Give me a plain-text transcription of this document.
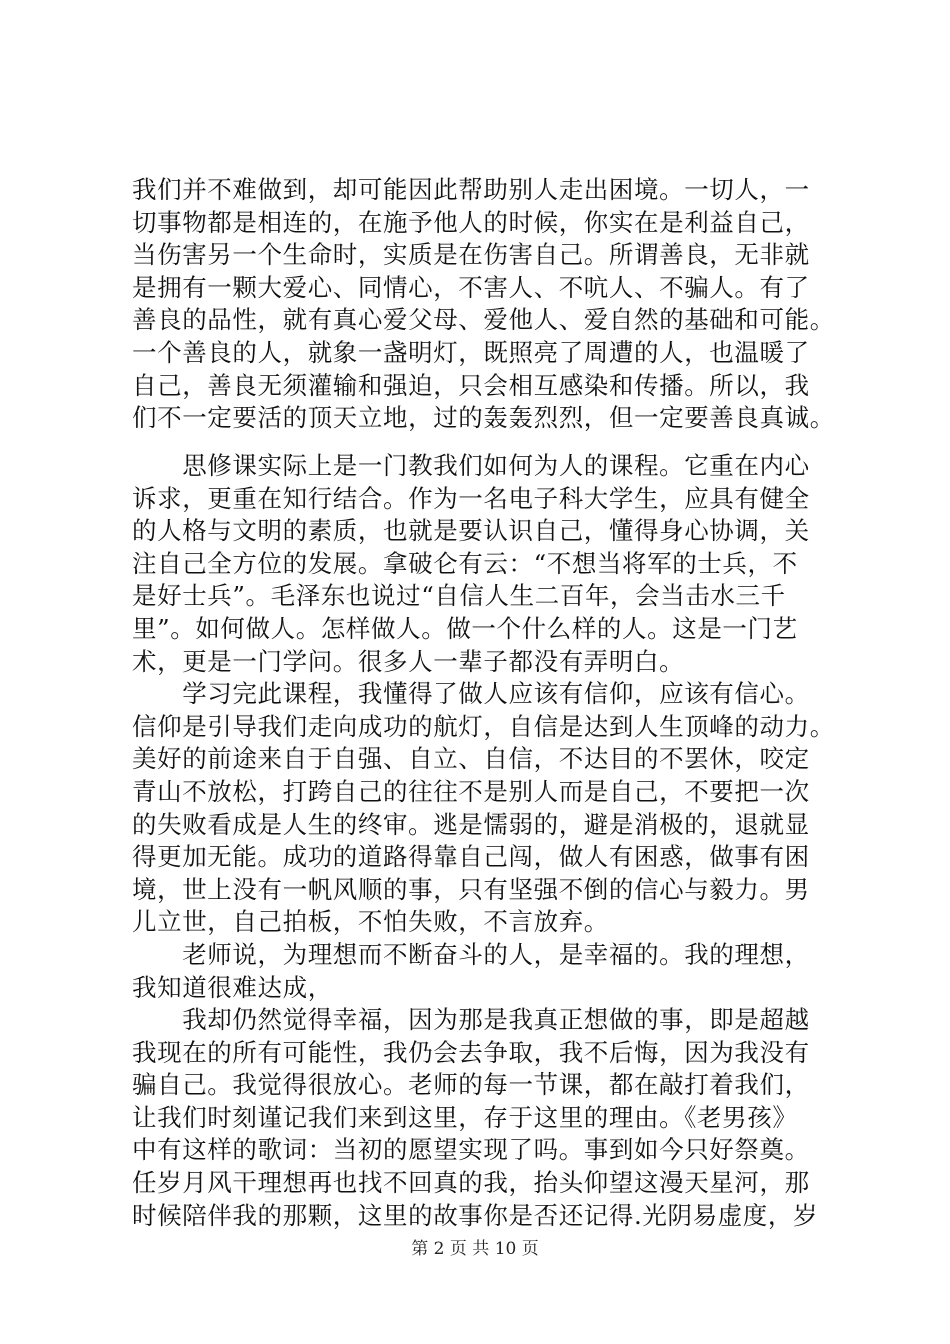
我们并不难做到，却可能因此帮助别人走出困境。一切人，一
切事物都是相连的，在施予他人的时候，你实在是利益自己，
当伤害另一个生命时，实质是在伤害自己。所谓善良，无非就
是拥有一颗大爱心、同情心，不害人、不吭人、不骗人。有了
善良的品性，就有真心爱父母、爱他人、爱自然的基础和可能。
一个善良的人，就象一盏明灯，既照亮了周遭的人，也温暖了
自己，善良无须灌输和强迫，只会相互感染和传播。所以，我
们不一定要活的顶天立地，过的轰轰烈烈，但一定要善良真诚。
　　思修课实际上是一门教我们如何为人的课程。它重在内心
诉求，更重在知行结合。作为一名电子科大学生，应具有健全
的人格与文明的素质，也就是要认识自己，懂得身心协调，关
注自己全方位的发展。拿破仑有云：“不想当将军的士兵，不
是好士兵”。毛泽东也说过“自信人生二百年，会当击水三千
里”。如何做人。怎样做人。做一个什么样的人。这是一门艺
术，更是一门学问。很多人一辈子都没有弄明白。
　　学习完此课程，我懂得了做人应该有信仰，应该有信心。
信仰是引导我们走向成功的航灯，自信是达到人生顶峰的动力。
美好的前途来自于自强、自立、自信，不达目的不罢休，咬定
青山不放松，打跨自己的往往不是别人而是自己，不要把一次
的失败看成是人生的终审。逃是懦弱的，避是消极的，退就显
得更加无能。成功的道路得靠自己闯，做人有困惑，做事有困
境，世上没有一帆风顺的事，只有坚强不倒的信心与毅力。男
儿立世，自己拍板，不怕失败，不言放弃。
　　老师说，为理想而不断奋斗的人，是幸福的。我的理想，
我知道很难达成，
　　我却仍然觉得幸福，因为那是我真正想做的事，即是超越
我现在的所有可能性，我仍会去争取，我不后悔，因为我没有
骗自己。我觉得很放心。老师的每一节课，都在敲打着我们，
让我们时刻谨记我们来到这里，存于这里的理由。《老男孩》
中有这样的歌词：当初的愿望实现了吗。事到如今只好祭奠。
任岁月风干理想再也找不回真的我，抬头仰望这漫天星河，那
时候陪伴我的那颗，这里的故事你是否还记得.光阴易虚度，岁
第 2 页 共 10 页
